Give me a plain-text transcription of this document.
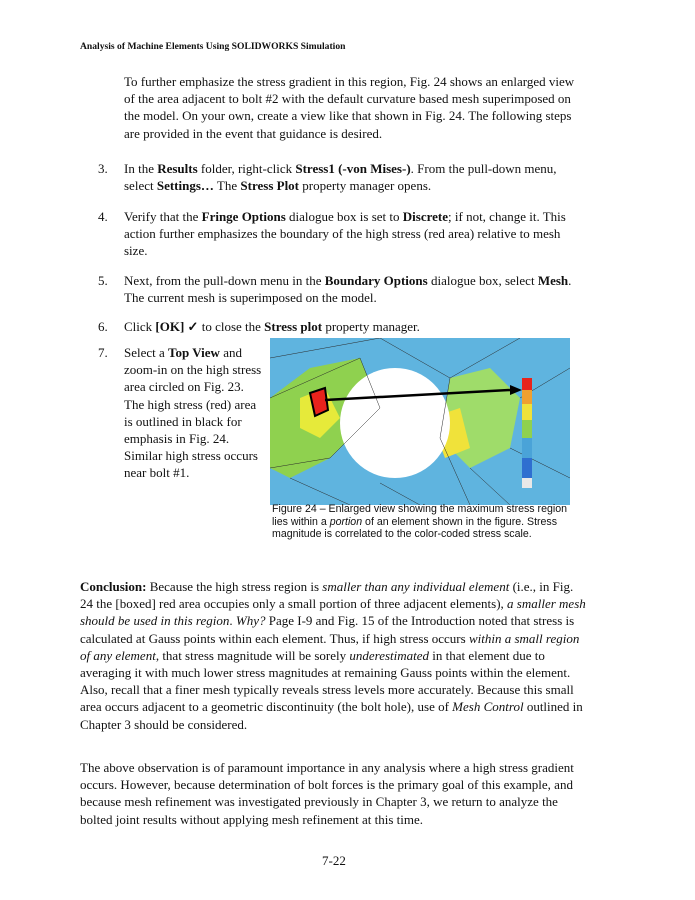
Analysis of Machine Elements Using SOLIDWORKS Simulation

To further emphasize the stress gradient in this region, Fig. 24 shows an enlarged view of the area adjacent to bolt #2 with the default curvature based mesh superimposed on the model. On your own, create a view like that shown in Fig. 24. The following steps are provided in the event that guidance is desired.

3.	In the Results folder, right-click Stress1 (-von Mises-). From the pull-down menu, select Settings… The Stress Plot property manager opens.
4.	Verify that the Fringe Options dialogue box is set to Discrete; if not, change it. This action further emphasizes the boundary of the high stress (red area) relative to mesh size.
5.	Next, from the pull-down menu in the Boundary Options dialogue box, select Mesh. The current mesh is superimposed on the model.
6.	Click [OK] ✓ to close the Stress plot property manager.
7.	Select a Top View and zoom-in on the high stress area circled on Fig. 23. The high stress (red) area is outlined in black for emphasis in Fig. 24. Similar high stress occurs near bolt #1.
Figure 24 – Enlarged view showing the maximum stress region lies within a portion of an element shown in the figure. Stress magnitude is correlated to the color-coded stress scale.

Conclusion: Because the high stress region is smaller than any individual element (i.e., in Fig. 24 the [boxed] red area occupies only a small portion of three adjacent elements), a smaller mesh should be used in this region. Why? Page I-9 and Fig. 15 of the Introduction noted that stress is calculated at Gauss points within each element. Thus, if high stress occurs within a small region of any element, that stress magnitude will be sorely underestimated in that element due to averaging it with much lower stress magnitudes at remaining Gauss points within the element. Also, recall that a finer mesh typically reveals stress levels more accurately. Because this small area occurs adjacent to a geometric discontinuity (the bolt hole), use of Mesh Control outlined in Chapter 3 should be considered.

The above observation is of paramount importance in any analysis where a high stress gradient occurs. However, because determination of bolt forces is the primary goal of this example, and because mesh refinement was investigated previously in Chapter 3, we return to analyze the bolted joint results without applying mesh refinement at this time.

7-22
